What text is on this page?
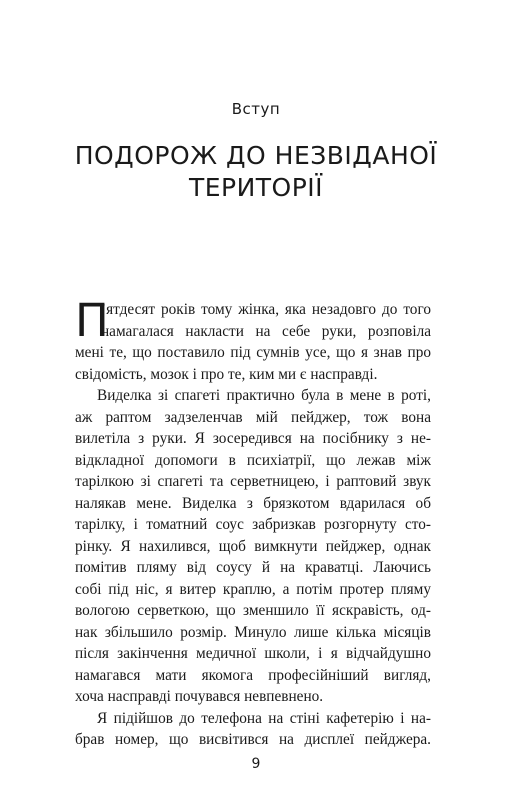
Вступ
ПОДОРОЖ ДО НЕЗВІДАНОЇ
ТЕРИТОРІЇ
П
’ятдесят років тому жінка, яка незадовго до того
намагалася накласти на себе руки, розповіла
мені те, що поставило під сумнів усе, що я знав про
свідомість, мозок і про те, ким ми є насправді.
Виделка зі спагеті практично була в мене в роті,
аж раптом задзеленчав мій пейджер, тож вона
вилетіла з руки. Я зосередився на посібнику з не-
відкладної допомоги в психіатрії, що лежав між
тарілкою зі спагеті та серветницею, і раптовий звук
налякав мене. Виделка з брязкотом вдарилася об
тарілку, і томатний соус забризкав розгорнуту сто-
рінку. Я нахилився, щоб вимкнути пейджер, однак
помітив пляму від соусу й на краватці. Лаючись
собі під ніс, я витер краплю, а потім протер пляму
вологою серветкою, що зменшило її яскравість, од-
нак збільшило розмір. Минуло лише кілька місяців
після закінчення медичної школи, і я відчайдушно
намагався мати якомога професійніший вигляд,
хоча насправді почувався невпевнено.
Я підійшов до телефона на стіні кафетерію і на-
брав номер, що висвітився на дисплеї пейджера.
9
